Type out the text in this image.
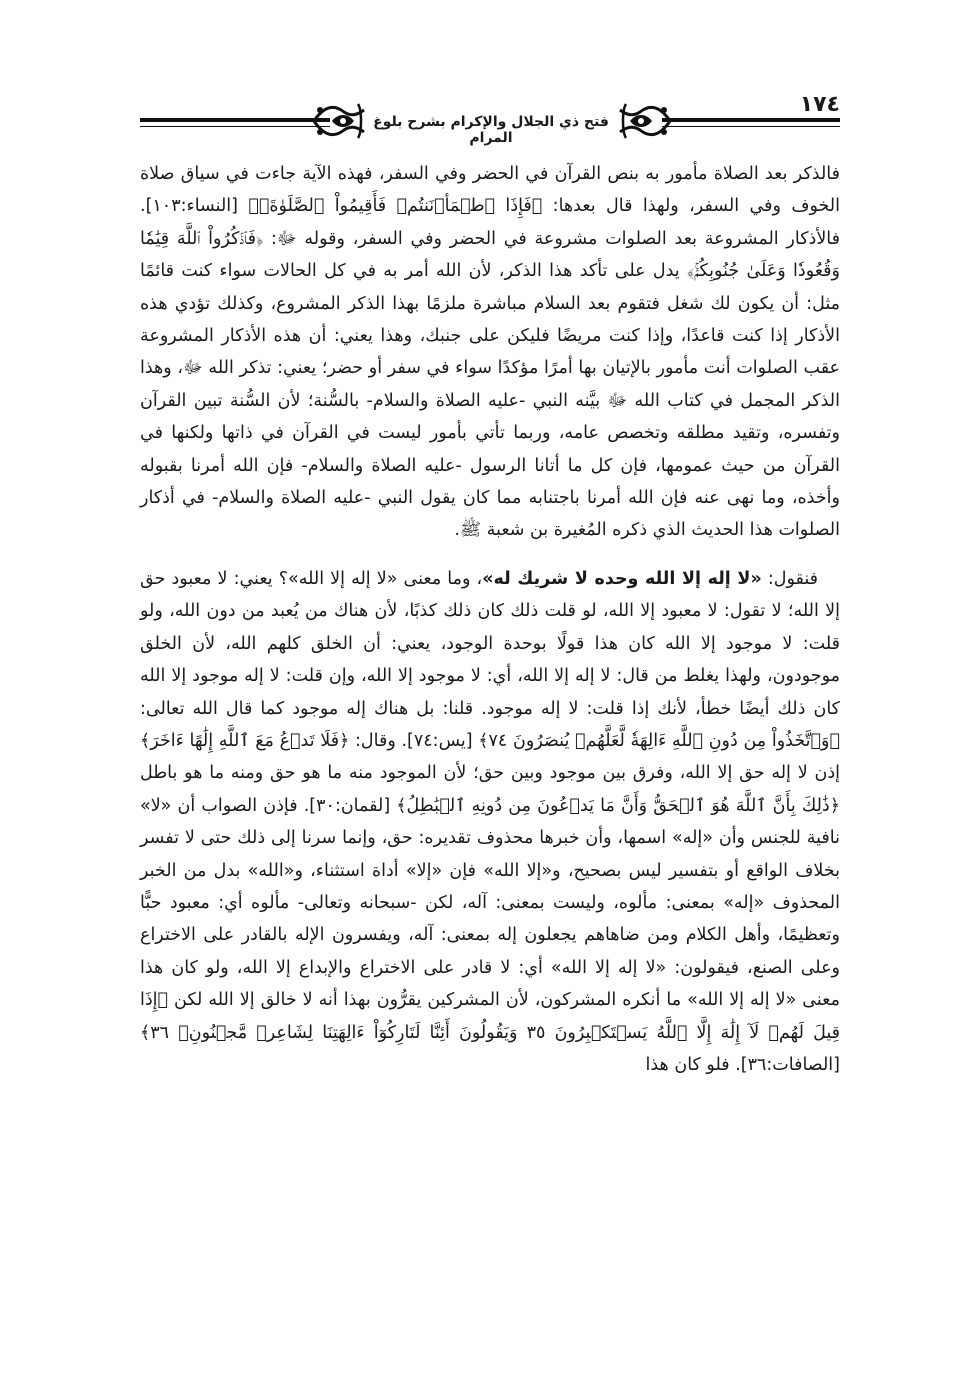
فتح ذي الجلال والإكرام بشرح بلوغ المرام
١٧٤

فالذكر بعد الصلاة مأمور به بنص القرآن في الحضر وفي السفر، فهذه الآية جاءت في سياق صلاة الخوف وفي السفر، ولهذا قال بعدها: ﴿فَإِذَا ٱطۡمَأۡنَنتُمۡ فَأَقِيمُواْ ٱلصَّلَوٰةَۚ﴾ [النساء:١٠٣]. فالأذكار المشروعة بعد الصلوات مشروعة في الحضر وفي السفر، وقوله ﷻ: ﴿فَٱذۡكُرُواْ ٱللَّهَ قِيَٰمٗا وَقُعُودٗا وَعَلَىٰ جُنُوبِكُمۡۚ﴾ يدل على تأكد هذا الذكر، لأن الله أمر به في كل الحالات سواء كنت قائمًا مثل: أن يكون لك شغل فتقوم بعد السلام مباشرة ملزمًا بهذا الذكر المشروع، وكذلك تؤدي هذه الأذكار إذا كنت قاعدًا، وإذا كنت مريضًا فليكن على جنبك، وهذا يعني: أن هذه الأذكار المشروعة عقب الصلوات أنت مأمور بالإتيان بها أمرًا مؤكدًا سواء في سفر أو حضر؛ يعني: تذكر الله ﷻ، وهذا الذكر المجمل في كتاب الله ﷻ بيَّنه النبي -عليه الصلاة والسلام- بالسُّنة؛ لأن السُّنة تبين القرآن وتفسره، وتقيد مطلقه وتخصص عامه، وربما تأتي بأمور ليست في القرآن في ذاتها ولكنها في القرآن من حيث عمومها، فإن كل ما أتانا الرسول -عليه الصلاة والسلام- فإن الله أمرنا بقبوله وأخذه، وما نهى عنه فإن الله أمرنا باجتنابه مما كان يقول النبي -عليه الصلاة والسلام- في أذكار الصلوات هذا الحديث الذي ذكره المُغيرة بن شعبة ﷺ.

فنقول: «لا إله إلا الله وحده لا شريك له»، وما معنى «لا إله إلا الله»؟ يعني: لا معبود حق إلا الله؛ لا تقول: لا معبود إلا الله، لو قلت ذلك كان ذلك كذبًا، لأن هناك من يُعبد من دون الله، ولو قلت: لا موجود إلا الله كان هذا قولًا بوحدة الوجود، يعني: أن الخلق كلهم الله، لأن الخلق موجودون، ولهذا يغلط من قال: لا إله إلا الله، أي: لا موجود إلا الله، وإن قلت: لا إله موجود إلا الله كان ذلك أيضًا خطأ، لأنك إذا قلت: لا إله موجود. قلنا: بل هناك إله موجود كما قال الله تعالى: ﴿وَٱتَّخَذُواْ مِن دُونِ ٱللَّهِ ءَالِهَةٗ لَّعَلَّهُمۡ يُنصَرُونَ ٧٤﴾ [يس:٧٤]. وقال: ﴿فَلَا تَدۡعُ مَعَ ٱللَّهِ إِلَٰهًا ءَاخَرَ﴾ إذن لا إله حق إلا الله، وفرق بين موجود وبين حق؛ لأن الموجود منه ما هو حق ومنه ما هو باطل ﴿ذَٰلِكَ بِأَنَّ ٱللَّهَ هُوَ ٱلۡحَقُّ وَأَنَّ مَا يَدۡعُونَ مِن دُونِهِ ٱلۡبَٰطِلُ﴾ [لقمان:٣٠]. فإذن الصواب أن «لا» نافية للجنس وأن «إله» اسمها، وأن خبرها محذوف تقديره: حق، وإنما سرنا إلى ذلك حتى لا تفسر بخلاف الواقع أو بتفسير ليس بصحيح، و«إلا الله» فإن «إلا» أداة استثناء، و«الله» بدل من الخبر المحذوف «إله» بمعنى: مألوه، وليست بمعنى: آله، لكن -سبحانه وتعالى- مألوه أي: معبود حبًّا وتعظيمًا، وأهل الكلام ومن ضاهاهم يجعلون إله بمعنى: آله، ويفسرون الإله بالقادر على الاختراع وعلى الصنع، فيقولون: «لا إله إلا الله» أي: لا قادر على الاختراع والإبداع إلا الله، ولو كان هذا معنى «لا إله إلا الله» ما أنكره المشركون، لأن المشركين يقرُّون بهذا أنه لا خالق إلا الله لكن ﴿إِذَا قِيلَ لَهُمۡ لَآ إِلَٰهَ إِلَّا ٱللَّهُ يَسۡتَكۡبِرُونَ ٣٥ وَيَقُولُونَ أَئِنَّا لَتَارِكُوٓاْ ءَالِهَتِنَا لِشَاعِرٖ مَّجۡنُونِۭ ٣٦﴾ [الصافات:٣٦]. فلو كان هذا
